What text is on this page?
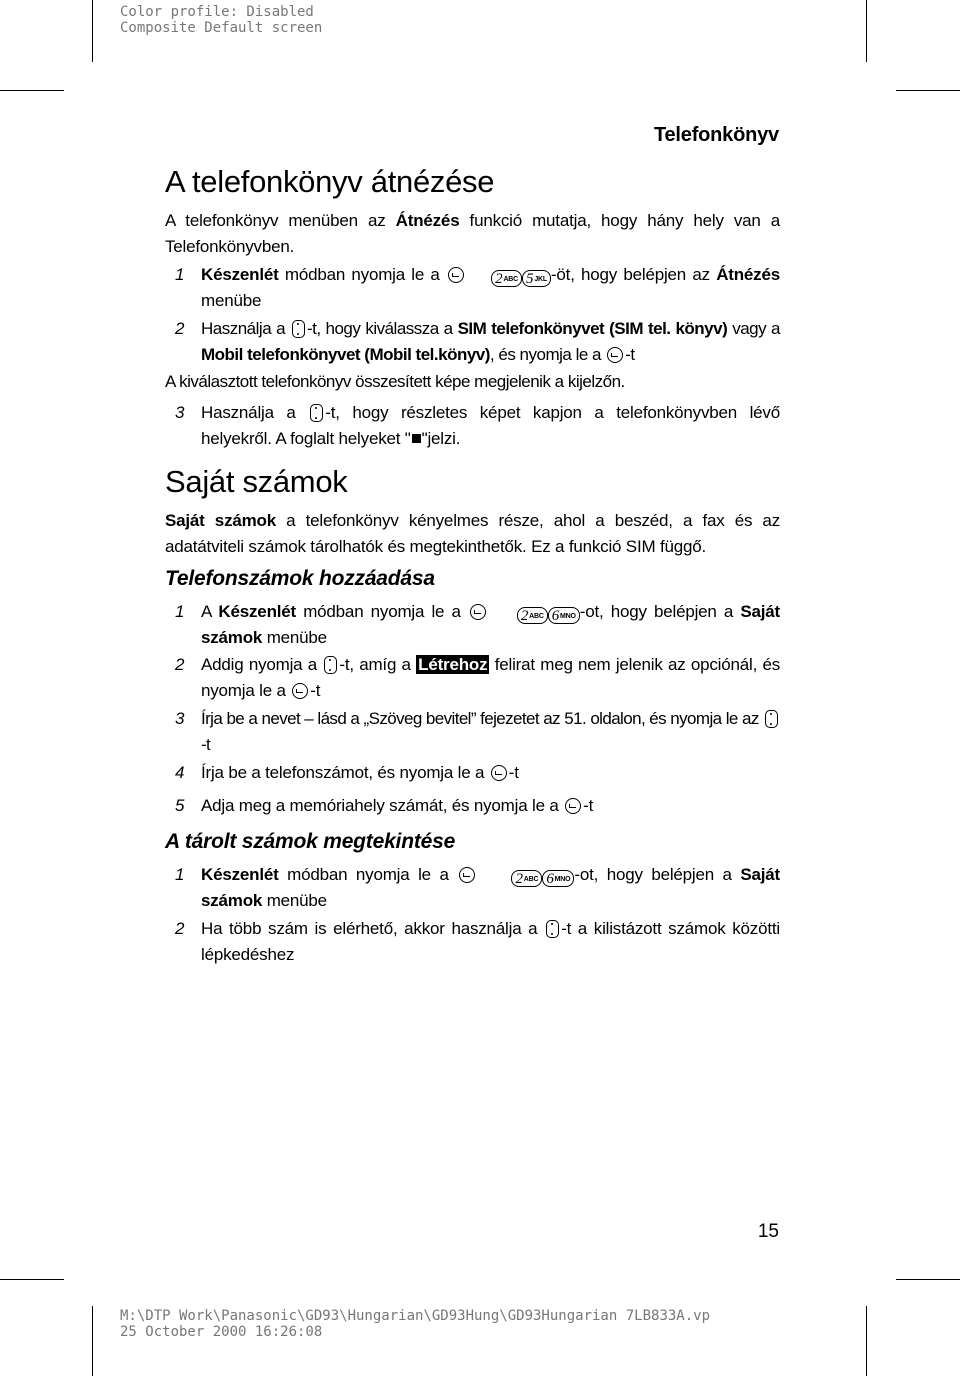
Color profile: Disabled
Composite Default screen
Telefonkönyv
A telefonkönyv átnézése
A telefonkönyv menüben az Átnézés funkció mutatja, hogy hány hely van a Telefonkönyvben.
1 Készenlét módban nyomja le a	2ABC 5JKL -öt, hogy belépjen az Átnézés menübe
2 Használja a -t, hogy kiválassza a SIM telefonkönyvet (SIM tel. könyv) vagy a Mobil telefonkönyvet (Mobil tel.könyv), és nyomja le a -t
A kiválasztott telefonkönyv összesített képe megjelenik a kijelzőn.
3 Használja a -t, hogy részletes képet kapjon a telefonkönyvben lévő helyekről. A foglalt helyeket " "jelzi.
Saját számok
Saját számok a telefonkönyv kényelmes része, ahol a beszéd, a fax és az adatátviteli számok tárolhatók és megtekinthetők. Ez a funkció SIM függő.
Telefonszámok hozzáadása
1 A Készenlét módban nyomja le a	2ABC 6MNO -ot, hogy belépjen a Saját számok menübe
2 Addig nyomja a -t, amíg a Létrehoz felirat meg nem jelenik az opciónál, és nyomja le a -t
3 Írja be a nevet – lásd a „Szöveg bevitel” fejezetet az 51. oldalon, és nyomja le az -t
4 Írja be a telefonszámot, és nyomja le a -t
5 Adja meg a memóriahely számát, és nyomja le a -t
A tárolt számok megtekintése
1 Készenlét módban nyomja le a	2ABC 6MNO -ot, hogy belépjen a Saját számok menübe
2 Ha több szám is elérhető, akkor használja a -t a kilistázott számok közötti lépkedéshez
15
M:\DTP Work\Panasonic\GD93\Hungarian\GD93Hung\GD93Hungarian 7LB833A.vp
25 October 2000 16:26:08
